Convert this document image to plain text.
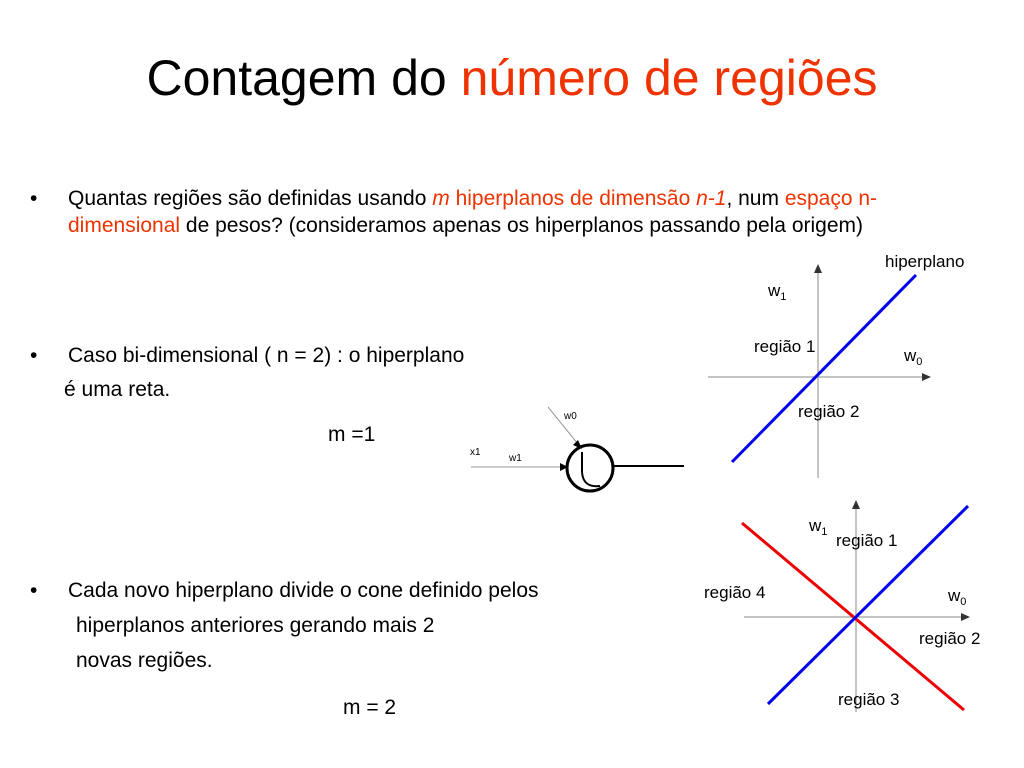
Contagem do número de regiões
• Quantas regiões são definidas usando m hiperplanos de dimensão n-1, num espaço n-dimensional de pesos? (consideramos apenas os hiperplanos passando pela origem)
• Caso bi-dimensional ( n = 2) : o hiperplano
é uma reta.
m =1
w0
x1
w1
• Cada novo hiperplano divide o cone definido pelos
hiperplanos anteriores gerando mais 2
novas regiões.
m = 2
hiperplano
$w_1$
$w_0$
região 1
região 2
$w_1$ região 1
região 4	$w_0$
região 2
região 3
